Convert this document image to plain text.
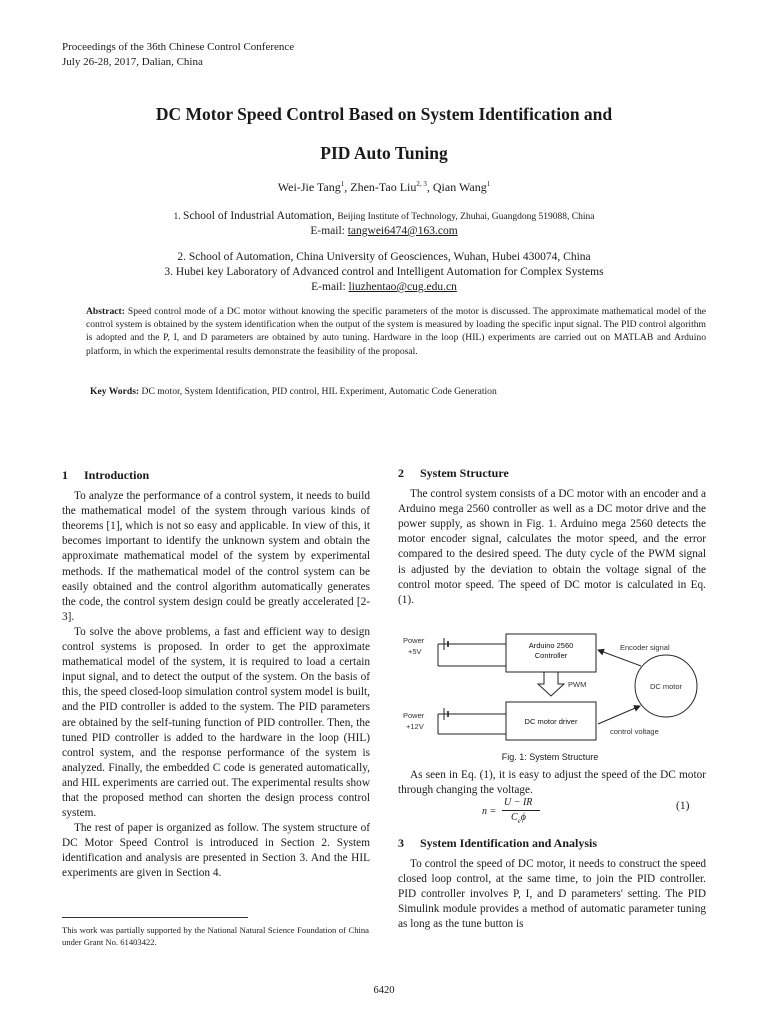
Proceedings of the 36th Chinese Control Conference
July 26-28, 2017, Dalian, China
DC Motor Speed Control Based on System Identification and
PID Auto Tuning
Wei-Jie Tang$^1$, Zhen-Tao Liu$^{2, 3}$, Qian Wang$^1$
1. School of Industrial Automation, Beijing Institute of Technology, Zhuhai, Guangdong 519088, China
E-mail: tangwei6474@163.com
2. School of Automation, China University of Geosciences, Wuhan, Hubei 430074, China
3. Hubei key Laboratory of Advanced control and Intelligent Automation for Complex Systems
E-mail: liuzhentao@cug.edu.cn
Abstract: Speed control mode of a DC motor without knowing the specific parameters of the motor is discussed. The approximate mathematical model of the control system is obtained by the system identification when the output of the system is measured by loading the specific input signal. The PID control algorithm is adopted and the P, I, and D parameters are obtained by auto tuning. Hardware in the loop (HIL) experiments are carried out on MATLAB and Arduino platform, in which the experimental results demonstrate the feasibility of the proposal.
Key Words: DC motor, System Identification, PID control, HIL Experiment, Automatic Code Generation
1 Introduction

To analyze the performance of a control system, it needs to build the mathematical model of the system through various kinds of theorems [1], which is not so easy and applicable. In view of this, it becomes important to identify the unknown system and obtain the approximate mathematical model of the system by experimental methods. If the mathematical model of the control system can be easily obtained and the control algorithm automatically generates the code, the control system design could be greatly accelerated [2-3].

To solve the above problems, a fast and efficient way to design control systems is proposed. In order to get the approximate mathematical model of the system, it is required to load a certain input signal, and to detect the output of the system. On the basis of this, the speed closed-loop simulation control system model is built, and the PID controller is added to the system. The PID parameters are obtained by the self-tuning function of PID controller. Then, the tuned PID controller is added to the hardware in the loop (HIL) control system, and the response performance of the system is analyzed. Finally, the embedded C code is generated automatically, and HIL experiments are carried out. The experimental results show that the proposed method can shorten the design process control system.

The rest of paper is organized as follow. The system structure of DC Motor Speed Control is introduced in Section 2. System identification and analysis are presented in Section 3. And the HIL experiments are given in Section 4.

This work was partially supported by the National Natural Science Foundation of China under Grant No. 61403422.
2 System Structure

The control system consists of a DC motor with an encoder and a Arduino mega 2560 controller as well as a DC motor drive and the power supply, as shown in Fig. 1. Arduino mega 2560 detects the motor encoder signal, calculates the motor speed, and the error compared to the desired speed. The duty cycle of the PWM signal is adjusted by the deviation to obtain the voltage signal of the control motor speed. The speed of DC motor is calculated in Eq. (1).

Power
+5V
Arduino 2560
Controller
PWM
Power
+12V
DC motor driver
DC motor
Encoder signal
control voltage
Fig. 1: System Structure

As seen in Eq. (1), it is easy to adjust the speed of the DC motor through changing the voltage.

n =
U − IR
$C_e\phi$
(1)
3 System Identification and Analysis

To control the speed of DC motor, it needs to construct the speed closed loop control, at the same time, to join the PID controller. PID controller involves P, I, and D parameters' setting. The PID Simulink module provides a method of automatic parameter tuning as long as the tune button is

6420
